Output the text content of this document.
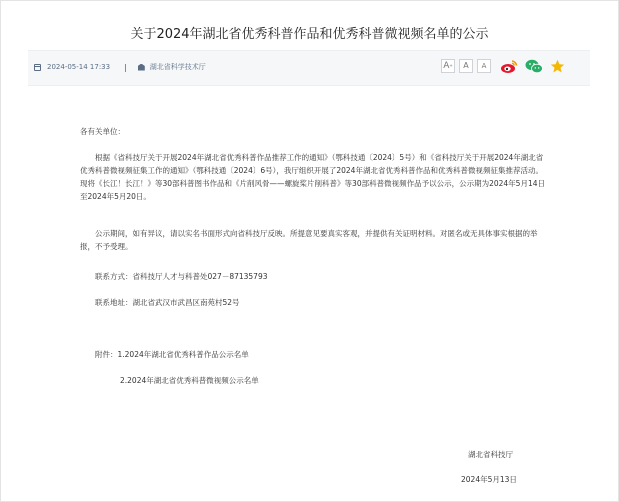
关于2024年湖北省优秀科普作品和优秀科普微视频名单的公示
2024-05-14 17:33 |	湖北省科学技术厅	A + A A

各有关单位：

根据《省科技厅关于开展2024年湖北省优秀科普作品推荐工作的通知》（鄂科技通〔2024〕5号）和《省科技厅关于开展2024年湖北省优秀科普微视频征集工作的通知》（鄂科技通〔2024〕6号），我厅组织开展了2024年湖北省优秀科普作品和优秀科普微视频征集推荐活动。现将《长江！长江！》等30部科普图书作品和《片削风骨——螺旋桨片削科普》等30部科普微视频作品予以公示，公示期为2024年5月14日至2024年5月20日。

公示期间，如有异议，请以实名书面形式向省科技厅反映。所提意见要真实客观，并提供有关证明材料。对匿名或无具体事实根据的举报，不予受理。

联系方式：省科技厅人才与科普处027－87135793

联系地址：湖北省武汉市武昌区南苑村52号

附件：1.2024年湖北省优秀科普作品公示名单

2.2024年湖北省优秀科普微视频公示名单

湖北省科技厅
2024年5月13日
